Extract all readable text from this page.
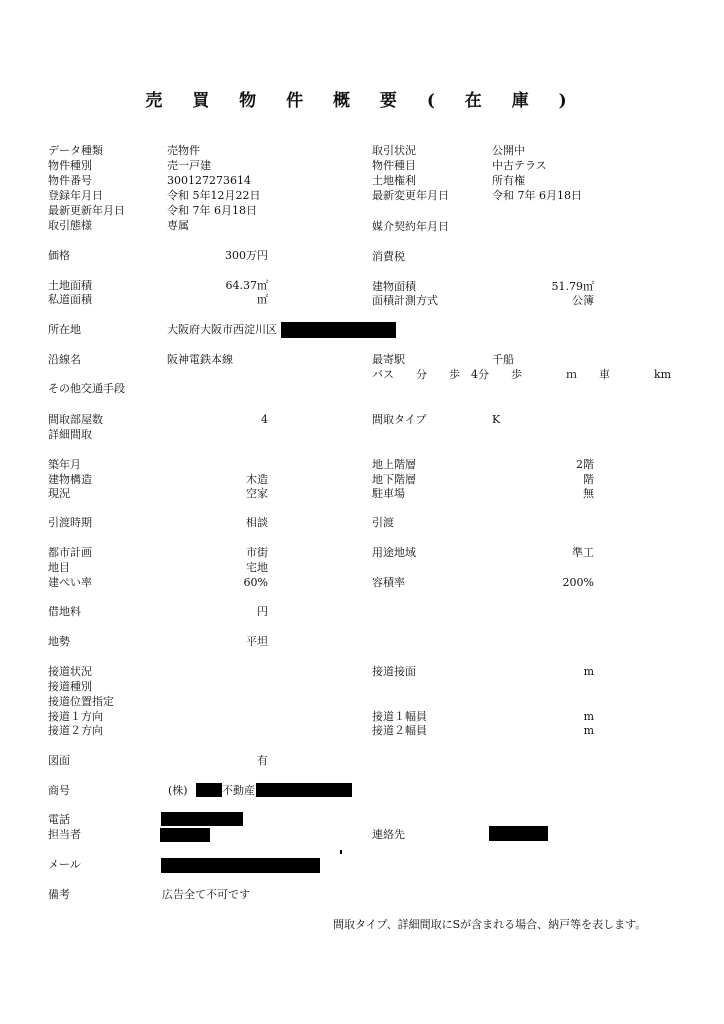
売 買 物 件 概 要 ( 在 庫 )
データ種類
物件種別
物件番号
登録年月日
最新更新年月日
取引態様
価格
土地面積
私道面積
所在地
沿線名
その他交通手段
間取部屋数
詳細間取
築年月
建物構造
現況
引渡時期
都市計画
地目
建ぺい率
借地料
地勢
接道状況
接道種別
接道位置指定
接道１方向
接道２方向
図面
商号
電話
担当者
メール
備考
売物件
売一戸建
300127273614
令和 5年12月22日
令和 7年 6月18日
専属
大阪府大阪市西淀川区
阪神電鉄本線
広告全て不可です
300万円
64.37㎡
㎡
4
木造
空家
相談
市街
宅地
60%
円
平坦
有
(株)	不動産
取引状況
物件種目
土地権利
最新変更年月日
媒介契約年月日
消費税
建物面積
面積計測方式
最寄駅
バス　　分　　歩　4分　　歩　　　　ｍ　　車　　　　km
間取タイプ
地上階層
地下階層
駐車場
引渡
用途地域
容積率
接道接面
接道１幅員
接道２幅員
連絡先
公開中
中古テラス
所有権
令和 7年 6月18日
千船
K
51.79㎡
公簿
2階
階
無
準工
200%
m
m
m
間取タイプ、詳細間取にSが含まれる場合、納戸等を表します。
